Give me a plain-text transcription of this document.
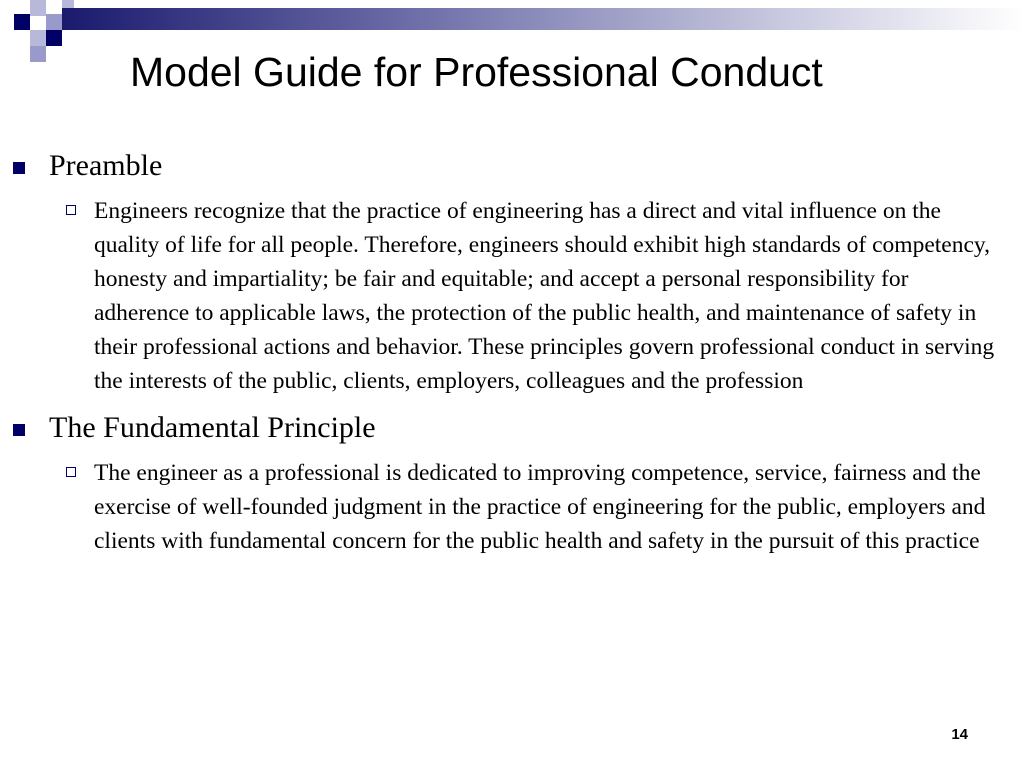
Model Guide for Professional Conduct
Preamble
Engineers recognize that the practice of engineering has a direct and vital influence on the quality of life for all people. Therefore, engineers should exhibit high standards of competency, honesty and impartiality; be fair and equitable; and accept a personal responsibility for adherence to applicable laws, the protection of the public health, and maintenance of safety in their professional actions and behavior. These principles govern professional conduct in serving the interests of the public, clients, employers, colleagues and the profession
The Fundamental Principle
The engineer as a professional is dedicated to improving competence, service, fairness and the exercise of well-founded judgment in the practice of engineering for the public, employers and clients with fundamental concern for the public health and safety in the pursuit of this practice
14
